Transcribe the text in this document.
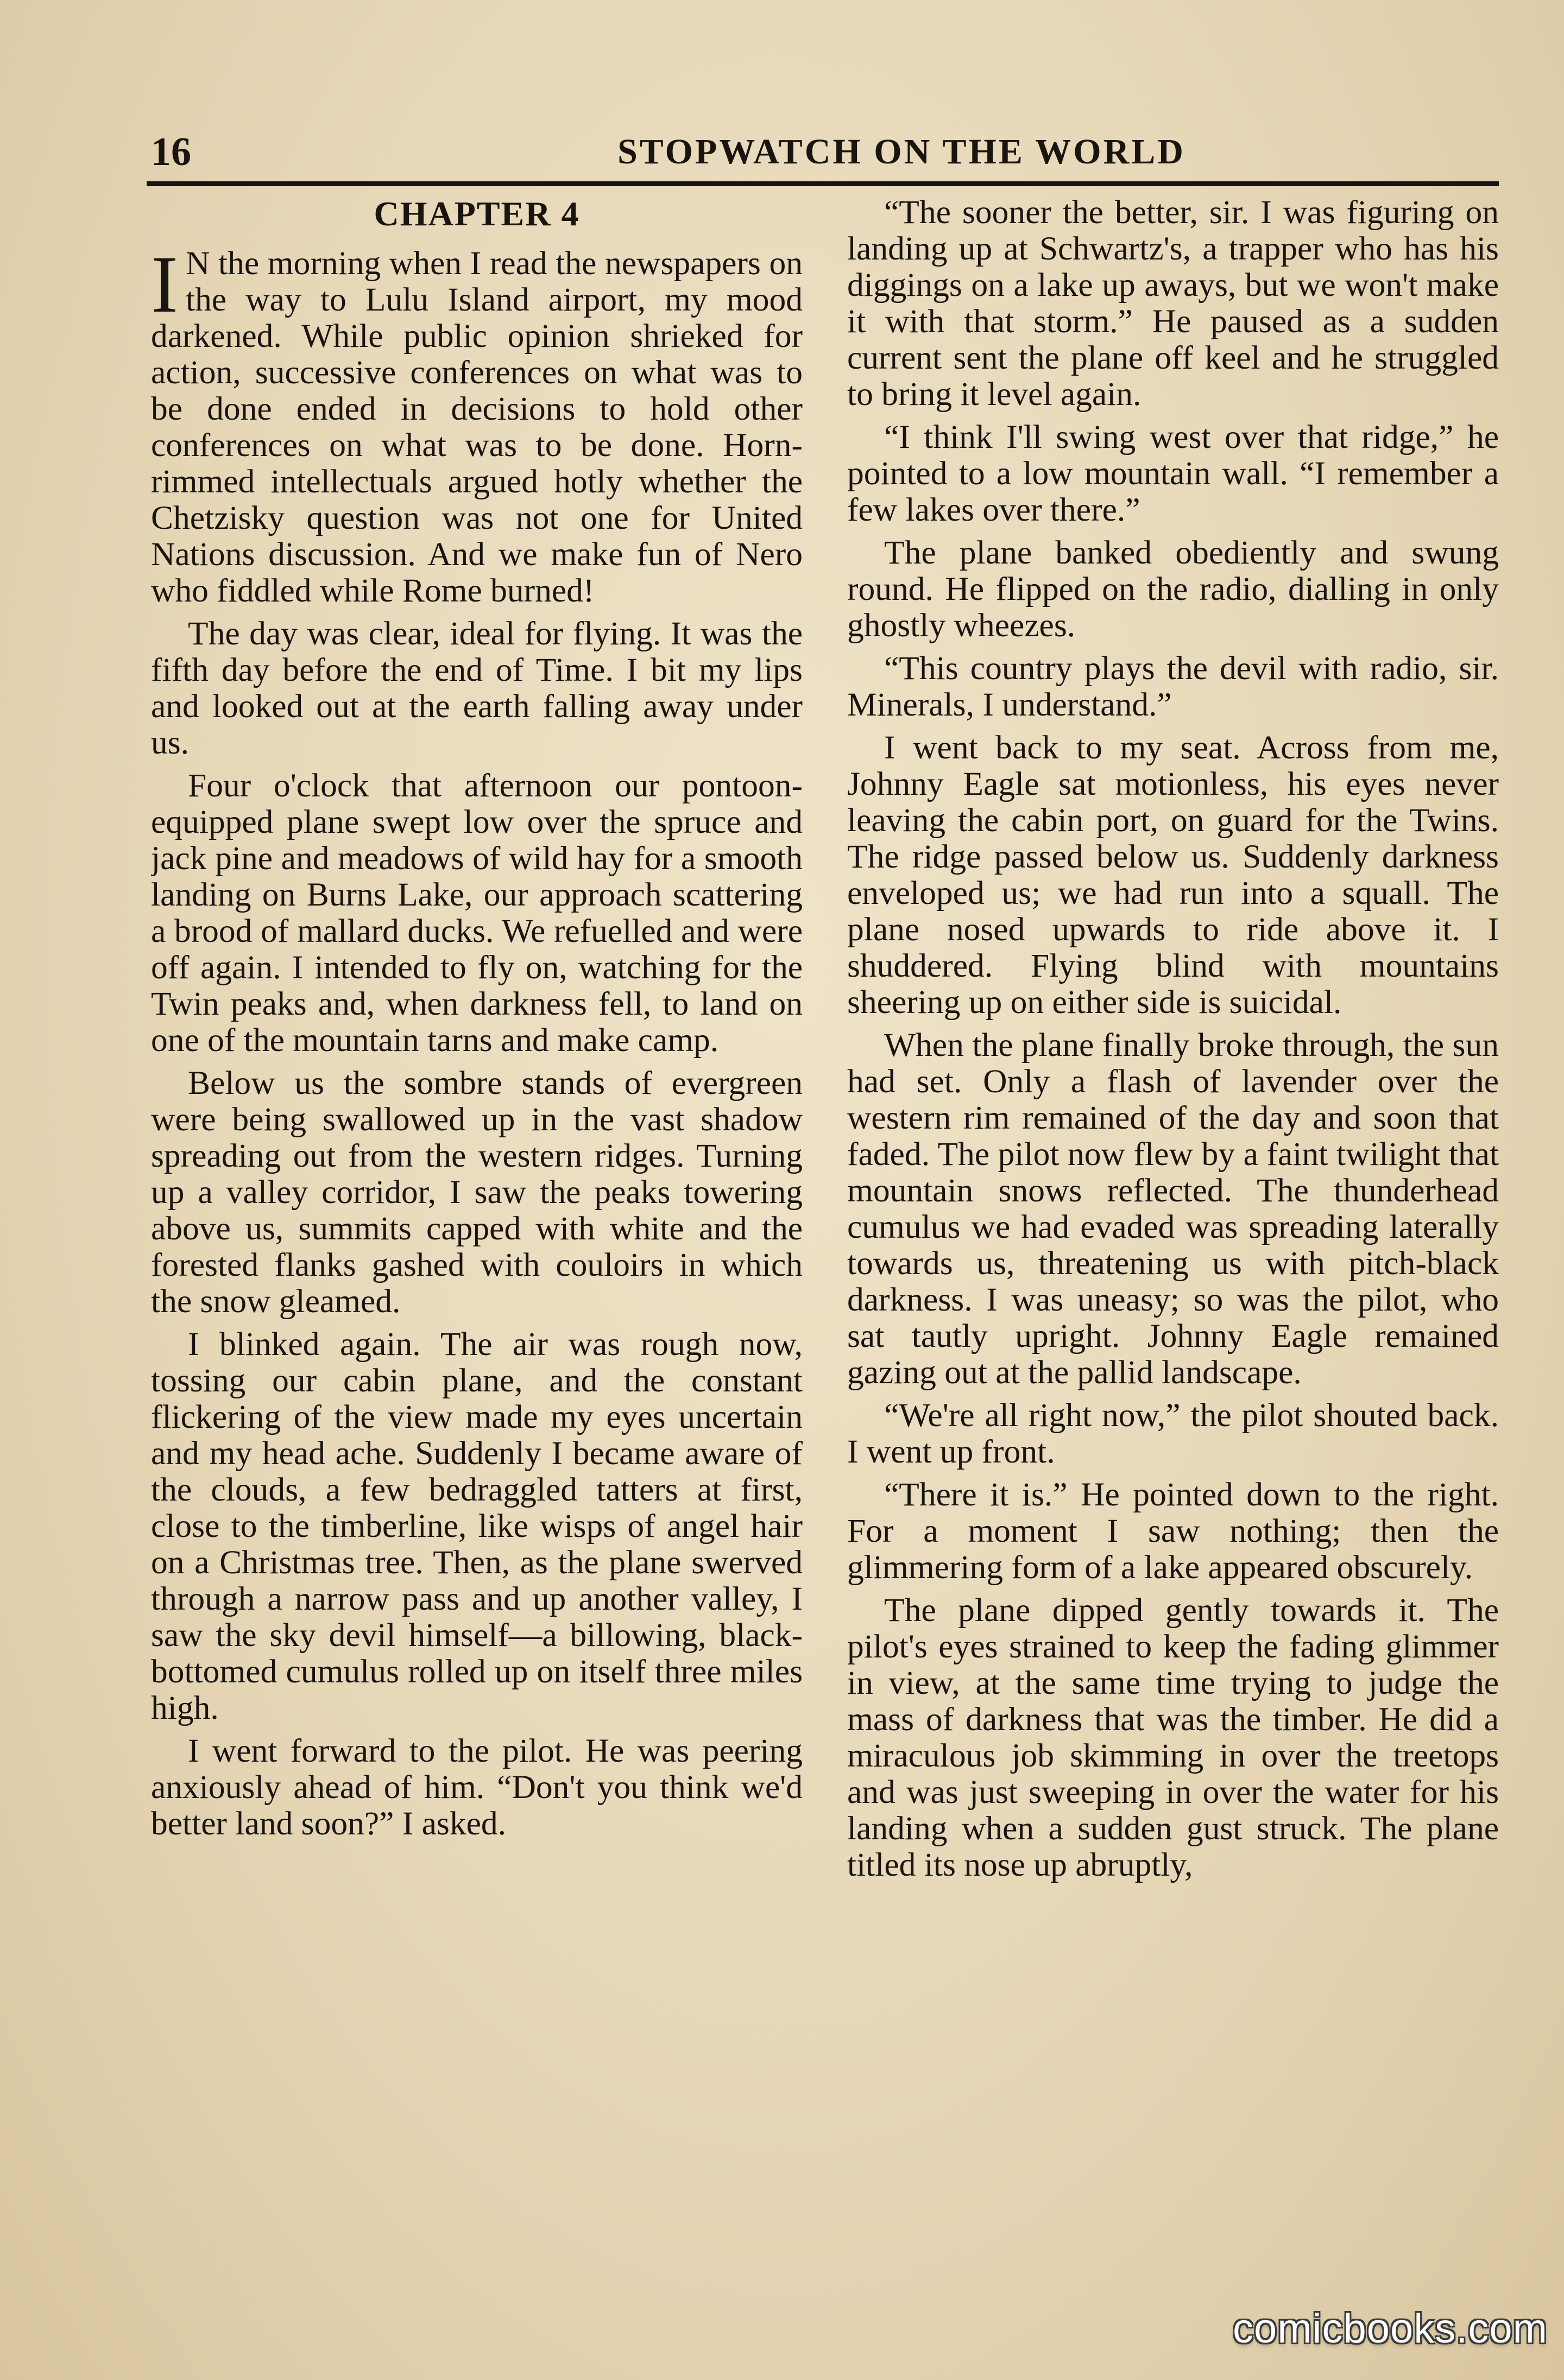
16	STOPWATCH ON THE WORLD
CHAPTER 4

I N the morning when I read the newspapers on the way to Lulu Island airport, my mood darkened. While public opinion shrieked for action, successive conferences on what was to be done ended in decisions to hold other conferences on what was to be done. Horn-rimmed intellectuals argued hotly whether the Chetzisky question was not one for United Nations discussion. And we make fun of Nero who fiddled while Rome burned!

The day was clear, ideal for flying. It was the fifth day before the end of Time. I bit my lips and looked out at the earth falling away under us.

Four o'clock that afternoon our pontoon-equipped plane swept low over the spruce and jack pine and meadows of wild hay for a smooth landing on Burns Lake, our approach scattering a brood of mallard ducks. We refuelled and were off again. I intended to fly on, watching for the Twin peaks and, when darkness fell, to land on one of the mountain tarns and make camp.

Below us the sombre stands of evergreen were being swallowed up in the vast shadow spreading out from the western ridges. Turning up a valley corridor, I saw the peaks towering above us, summits capped with white and the forested flanks gashed with couloirs in which the snow gleamed.

I blinked again. The air was rough now, tossing our cabin plane, and the constant flickering of the view made my eyes uncertain and my head ache. Suddenly I became aware of the clouds, a few bedraggled tatters at first, close to the timberline, like wisps of angel hair on a Christmas tree. Then, as the plane swerved through a narrow pass and up another valley, I saw the sky devil himself—a billowing, black-bottomed cumulus rolled up on itself three miles high.

I went forward to the pilot. He was peering anxiously ahead of him. “Don't you think we'd better land soon?” I asked.

“The sooner the better, sir. I was figuring on landing up at Schwartz's, a trapper who has his diggings on a lake up aways, but we won't make it with that storm.” He paused as a sudden current sent the plane off keel and he struggled to bring it level again.

“I think I'll swing west over that ridge,” he pointed to a low mountain wall. “I remember a few lakes over there.”

The plane banked obediently and swung round. He flipped on the radio, dialling in only ghostly wheezes.

“This country plays the devil with radio, sir. Minerals, I understand.”

I went back to my seat. Across from me, Johnny Eagle sat motionless, his eyes never leaving the cabin port, on guard for the Twins. The ridge passed below us. Suddenly darkness enveloped us; we had run into a squall. The plane nosed upwards to ride above it. I shuddered. Flying blind with mountains sheering up on either side is suicidal.

When the plane finally broke through, the sun had set. Only a flash of lavender over the western rim remained of the day and soon that faded. The pilot now flew by a faint twilight that mountain snows reflected. The thunderhead cumulus we had evaded was spreading laterally towards us, threatening us with pitch-black darkness. I was uneasy; so was the pilot, who sat tautly upright. Johnny Eagle remained gazing out at the pallid landscape.

“We're all right now,” the pilot shouted back. I went up front.

“There it is.” He pointed down to the right. For a moment I saw nothing; then the glimmering form of a lake appeared obscurely.

The plane dipped gently towards it. The pilot's eyes strained to keep the fading glimmer in view, at the same time trying to judge the mass of darkness that was the timber. He did a miraculous job skimming in over the treetops and was just sweeping in over the water for his landing when a sudden gust struck. The plane titled its nose up abruptly,

comicbooks.com
